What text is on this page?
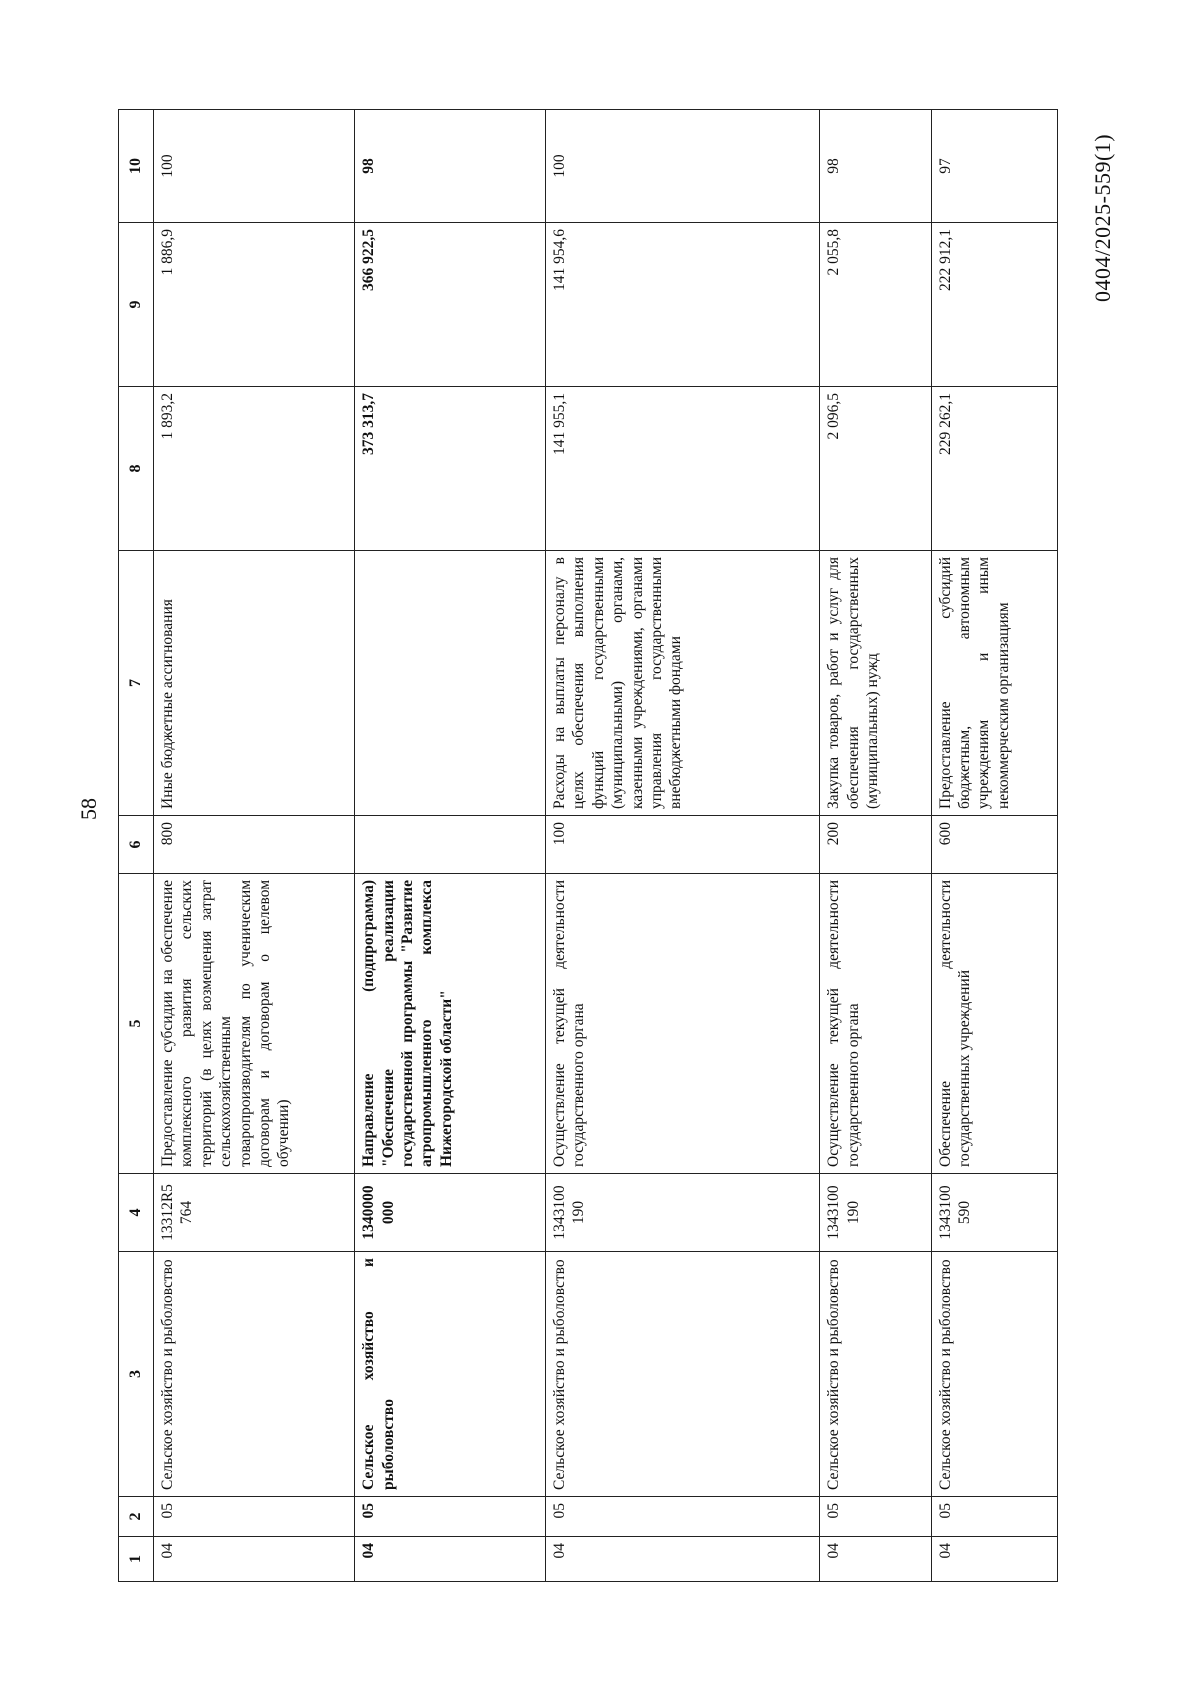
58
1	2	3	4	5	6	7	8	9	10
04	05	Сельское хозяйство и рыболовство	13312R5 764	Предоставление субсидии на обеспечение комплексного развития сельских территорий (в целях возмещения затрат сельскохозяйственным товаропроизводителям по ученическим договорам и договорам о целевом обучении)	800	Иные бюджетные ассигнования	1 893,2	1 886,9	100
04	05	Сельское хозяйство и рыболовство	1340000 000	Направление (подпрограмма) "Обеспечение реализации государственной программы "Развитие агропромышленного комплекса Нижегородской области"			373 313,7	366 922,5	98
04	05	Сельское хозяйство и рыболовство	1343100 190	Осуществление текущей деятельности государственного органа	100	Расходы на выплаты персоналу в целях обеспечения выполнения функций государственными (муниципальными) органами, казенными учреждениями, органами управления государственными внебюджетными фондами	141 955,1	141 954,6	100
04	05	Сельское хозяйство и рыболовство	1343100 190	Осуществление текущей деятельности государственного органа	200	Закупка товаров, работ и услуг для обеспечения государственных (муниципальных) нужд	2 096,5	2 055,8	98
04	05	Сельское хозяйство и рыболовство	1343100 590	Обеспечение деятельности государственных учреждений	600	Предоставление субсидий бюджетным, автономным учреждениям и иным некоммерческим организациям	229 262,1	222 912,1	97	0404/2025-559(1)
